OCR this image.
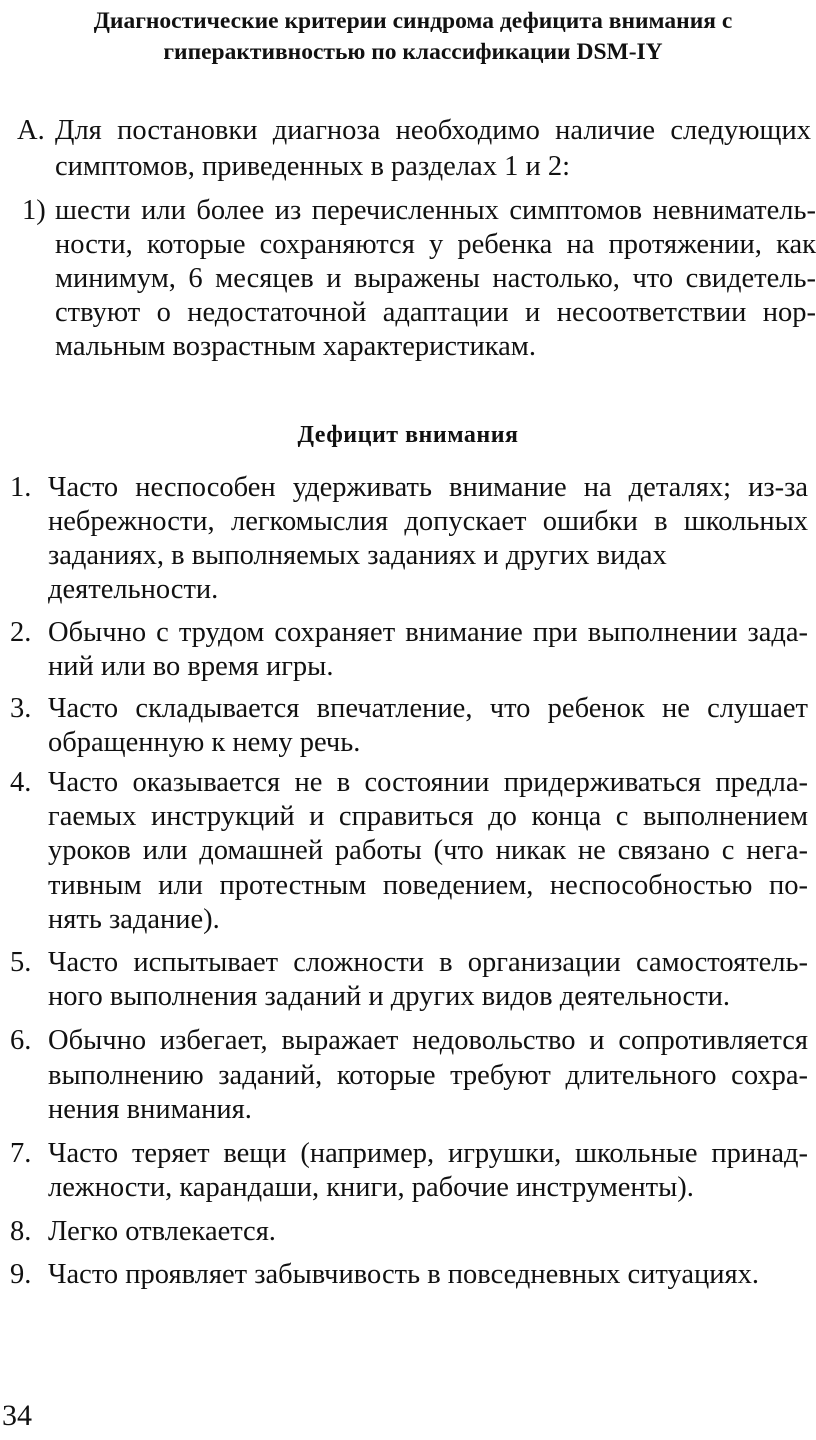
Диагностические критерии синдрома дефицита внимания с
гиперактивностью по классификации DSM-IY
А. Для постановки диагноза необходимо наличие следующих
симптомов, приведенных в разделах 1 и 2:
1) шести или более из перечисленных симптомов невниматель-
ности, которые сохраняются у ребенка на протяжении, как
минимум, 6 месяцев и выражены настолько, что свидетель-
ствуют о недостаточной адаптации и несоответствии нор-
мальным возрастным характеристикам.
Дефицит внимания
1. Часто неспособен удерживать внимание на деталях; из-за
небрежности, легкомыслия допускает ошибки в школьных
заданиях, в выполняемых заданиях и других видах
деятельности.
2. Обычно с трудом сохраняет внимание при выполнении зада-
ний или во время игры.
3. Часто складывается впечатление, что ребенок не слушает
обращенную к нему речь.
4. Часто оказывается не в состоянии придерживаться предла-
гаемых инструкций и справиться до конца с выполнением
уроков или домашней работы (что никак не связано с нега-
тивным или протестным поведением, неспособностью по-
нять задание).
5. Часто испытывает сложности в организации самостоятель-
ного выполнения заданий и других видов деятельности.
6. Обычно избегает, выражает недовольство и сопротивляется
выполнению заданий, которые требуют длительного сохра-
нения внимания.
7. Часто теряет вещи (например, игрушки, школьные принад-
лежности, карандаши, книги, рабочие инструменты).
8. Легко отвлекается.
9. Часто проявляет забывчивость в повседневных ситуациях.
34
